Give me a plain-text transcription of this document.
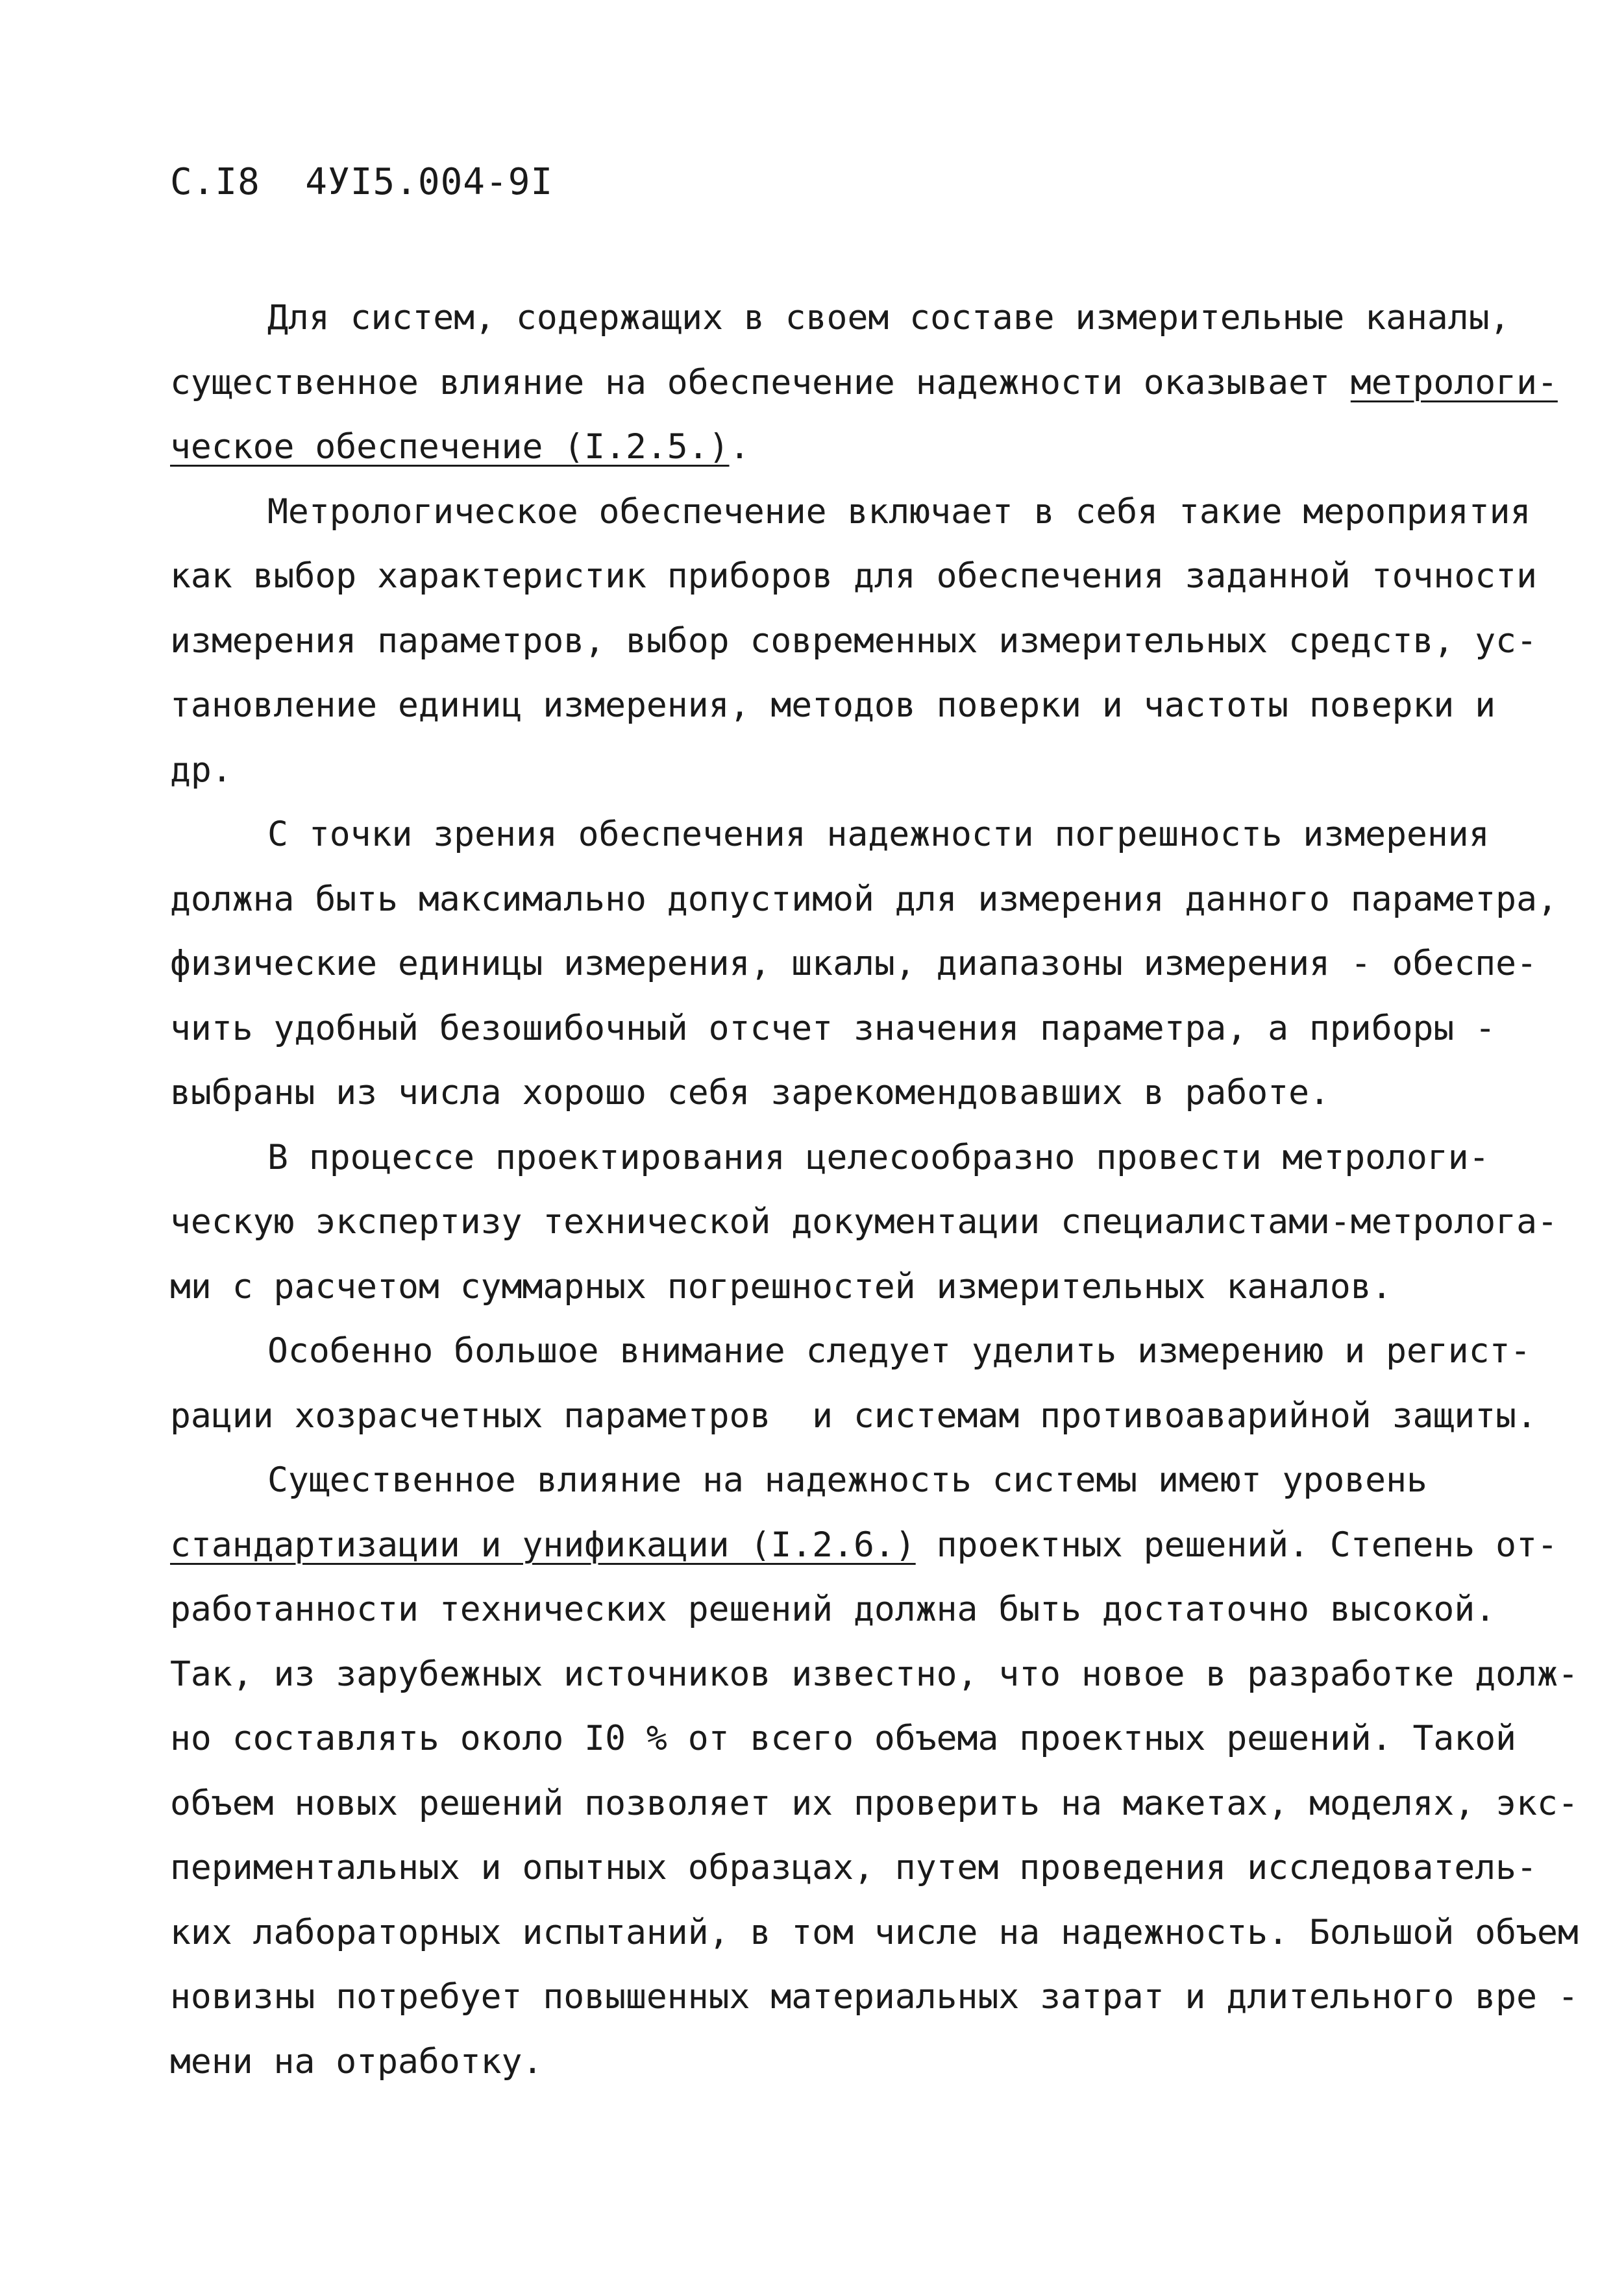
С.І8 4УІ5.004-9І
Для систем, содержащих в своем составе измерительные каналы,
существенное влияние на обеспечение надежности оказывает метрологи-
ческое обеспечение (І.2.5.).
Метрологическое обеспечение включает в себя такие мероприятия
как выбор характеристик приборов для обеспечения заданной точности
измерения параметров, выбор современных измерительных средств, ус-
тановление единиц измерения, методов поверки и частоты поверки и
др.
С точки зрения обеспечения надежности погрешность измерения
должна быть максимально допустимой для измерения данного параметра,
физические единицы измерения, шкалы, диапазоны измерения - обеспе-
чить удобный безошибочный отсчет значения параметра, а приборы -
выбраны из числа хорошо себя зарекомендовавших в работе.
В процессе проектирования целесообразно провести метрологи-
ческую экспертизу технической документации специалистами-метролога-
ми с расчетом суммарных погрешностей измерительных каналов.
Особенно большое внимание следует уделить измерению и регист-
рации хозрасчетных параметров  и системам противоаварийной защиты.
Существенное влияние на надежность системы имеют уровень
стандартизации и унификации (І.2.6.) проектных решений. Степень от-
работанности технических решений должна быть достаточно высокой.
Так, из зарубежных источников известно, что новое в разработке долж-
но составлять около І0 % от всего объема проектных решений. Такой
объем новых решений позволяет их проверить на макетах, моделях, экс-
периментальных и опытных образцах, путем проведения исследователь-
ких лабораторных испытаний, в том числе на надежность. Большой объем
новизны потребует повышенных материальных затрат и длительного вре -
мени на отработку.
